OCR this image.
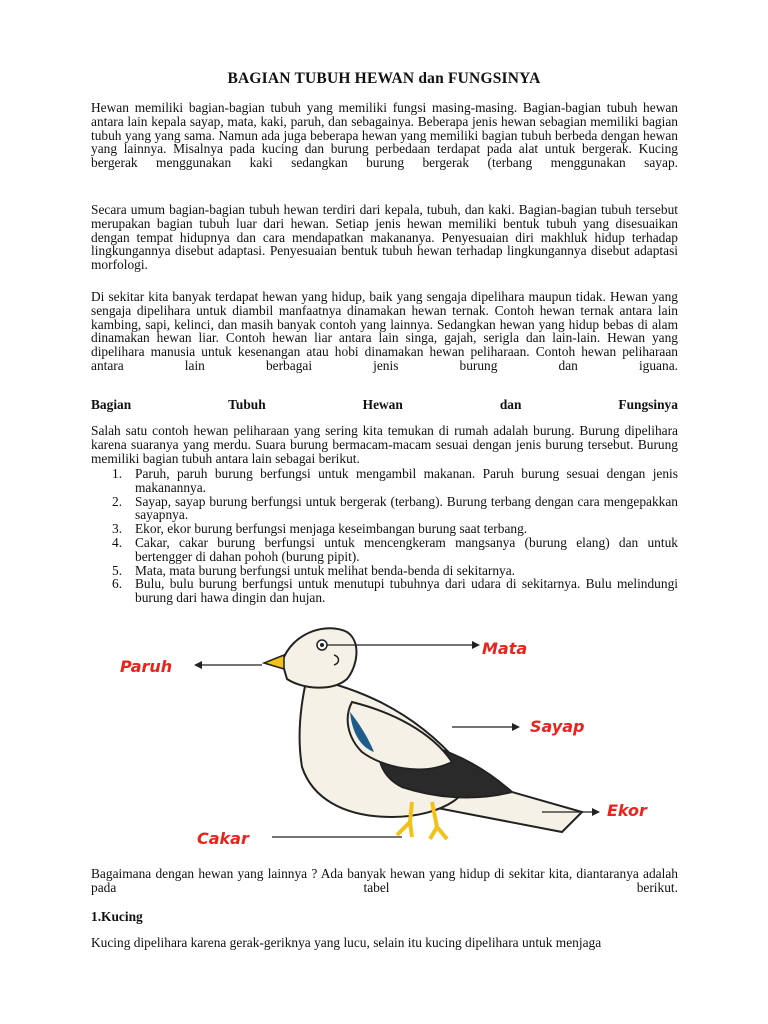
BAGIAN TUBUH HEWAN dan FUNGSINYA

Hewan memiliki bagian-bagian tubuh yang memiliki fungsi masing-masing. Bagian-bagian tubuh hewan antara lain kepala sayap, mata, kaki, paruh, dan sebagainya. Beberapa jenis hewan sebagian memiliki bagian tubuh yang yang sama. Namun ada juga beberapa hewan yang memiliki bagian tubuh berbeda dengan hewan yang lainnya. Misalnya pada kucing dan burung perbedaan terdapat pada alat untuk bergerak. Kucing bergerak menggunakan kaki sedangkan burung bergerak (terbang menggunakan sayap.

Secara umum bagian-bagian tubuh hewan terdiri dari kepala, tubuh, dan kaki. Bagian-bagian tubuh tersebut merupakan bagian tubuh luar dari hewan. Setiap jenis hewan memiliki bentuk tubuh yang disesuaikan dengan tempat hidupnya dan cara mendapatkan makananya. Penyesuaian diri makhluk hidup terhadap lingkungannya disebut adaptasi. Penyesuaian bentuk tubuh hewan terhadap lingkungannya disebut adaptasi morfologi.

Di sekitar kita banyak terdapat hewan yang hidup, baik yang sengaja dipelihara maupun tidak. Hewan yang sengaja dipelihara untuk diambil manfaatnya dinamakan hewan ternak. Contoh hewan ternak antara lain kambing, sapi, kelinci, dan masih banyak contoh yang lainnya. Sedangkan hewan yang hidup bebas di alam dinamakan hewan liar. Contoh hewan liar antara lain singa, gajah, serigla dan lain-lain. Hewan yang dipelihara manusia untuk kesenangan atau hobi dinamakan hewan peliharaan. Contoh hewan peliharaan antara lain berbagai jenis burung dan iguana.

Bagian	Tubuh	Hewan	dan	Fungsinya

Salah satu contoh hewan peliharaan yang sering kita temukan di rumah adalah burung. Burung dipelihara karena suaranya yang merdu. Suara burung bermacam-macam sesuai dengan jenis burung tersebut. Burung memiliki bagian tubuh antara lain sebagai berikut.

1. Paruh, paruh burung berfungsi untuk mengambil makanan. Paruh burung sesuai dengan jenis makanannya.
2. Sayap, sayap burung berfungsi untuk bergerak (terbang). Burung terbang dengan cara mengepakkan sayapnya.
3. Ekor, ekor burung berfungsi menjaga keseimbangan burung saat terbang.
4. Cakar, cakar burung berfungsi untuk mencengkeram mangsanya (burung elang) dan untuk bertengger di dahan pohoh (burung pipit).
5. Mata, mata burung berfungsi untuk melihat benda-benda di sekitarnya.
6. Bulu, bulu burung berfungsi untuk menutupi tubuhnya dari udara di sekitarnya. Bulu melindungi burung dari hawa dingin dan hujan.
Mata
Paruh
Sayap
Ekor
Cakar

Bagaimana dengan hewan yang lainnya ? Ada banyak hewan yang hidup di sekitar kita, diantaranya adalah pada tabel berikut.

1.Kucing

Kucing dipelihara karena gerak-geriknya yang lucu, selain itu kucing dipelihara untuk menjaga
